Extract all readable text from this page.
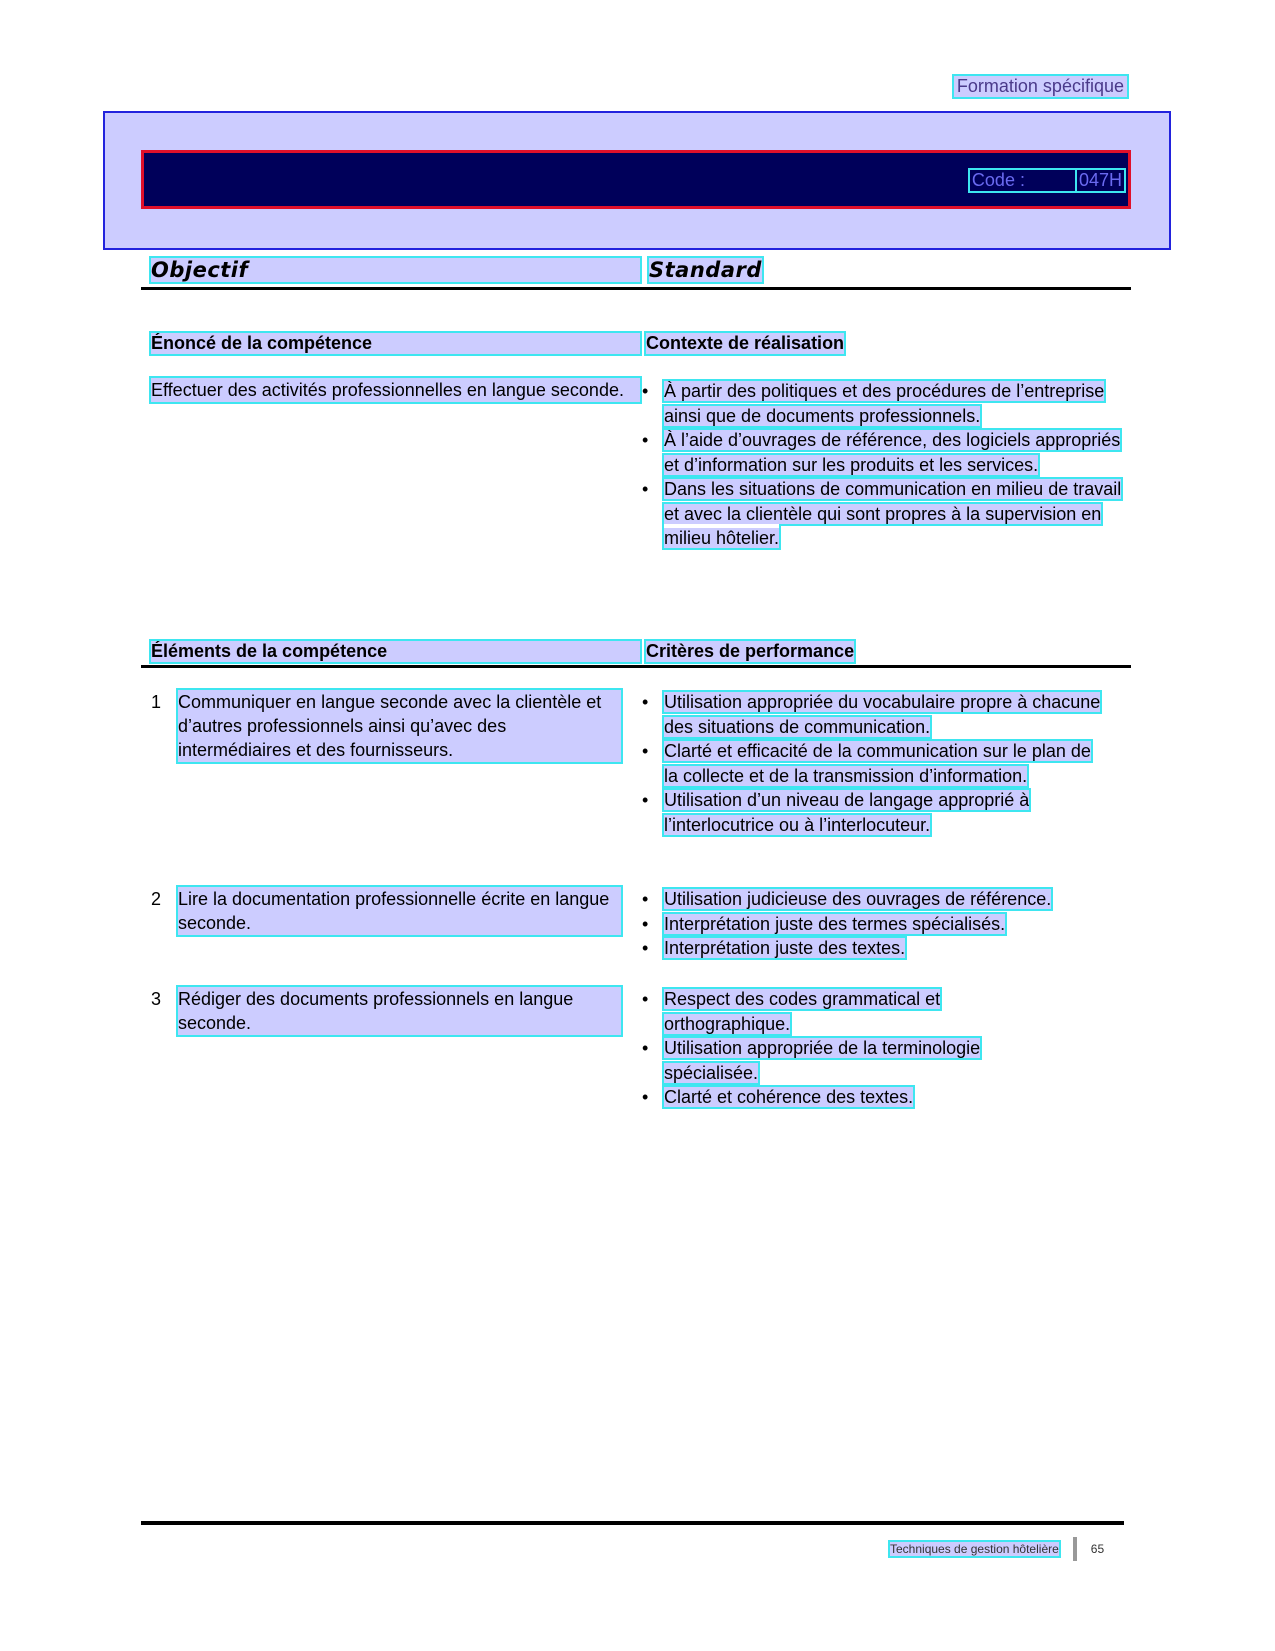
Formation spécifique
Code :	047H
Objectif	Standard
Énoncé de la compétence	Contexte de réalisation
Effectuer des activités professionnelles en langue seconde.
•	À partir des politiques et des procédures de l’entreprise ainsi que de documents professionnels.
• À l’aide d’ouvrages de référence, des logiciels appropriés et d’information sur les produits et les services.
• Dans les situations de communication en milieu de travail et avec la clientèle qui sont propres à la supervision en milieu hôtelier.
Éléments de la compétence	Critères de performance
1 Communiquer en langue seconde avec la clientèle et d’autres professionnels ainsi qu’avec des intermédiaires et des fournisseurs.
• Utilisation appropriée du vocabulaire propre à chacune des situations de communication.
• Clarté et efficacité de la communication sur le plan de la collecte et de la transmission d’information.
• Utilisation d’un niveau de langage approprié à l’interlocutrice ou à l’interlocuteur.
2 Lire la documentation professionnelle écrite en langue seconde.
• Utilisation judicieuse des ouvrages de référence.
• Interprétation juste des termes spécialisés.
• Interprétation juste des textes.
3 Rédiger des documents professionnels en langue seconde.
• Respect des codes grammatical et orthographique.
• Utilisation appropriée de la terminologie spécialisée.
• Clarté et cohérence des textes.
Techniques de gestion hôtelière	65
